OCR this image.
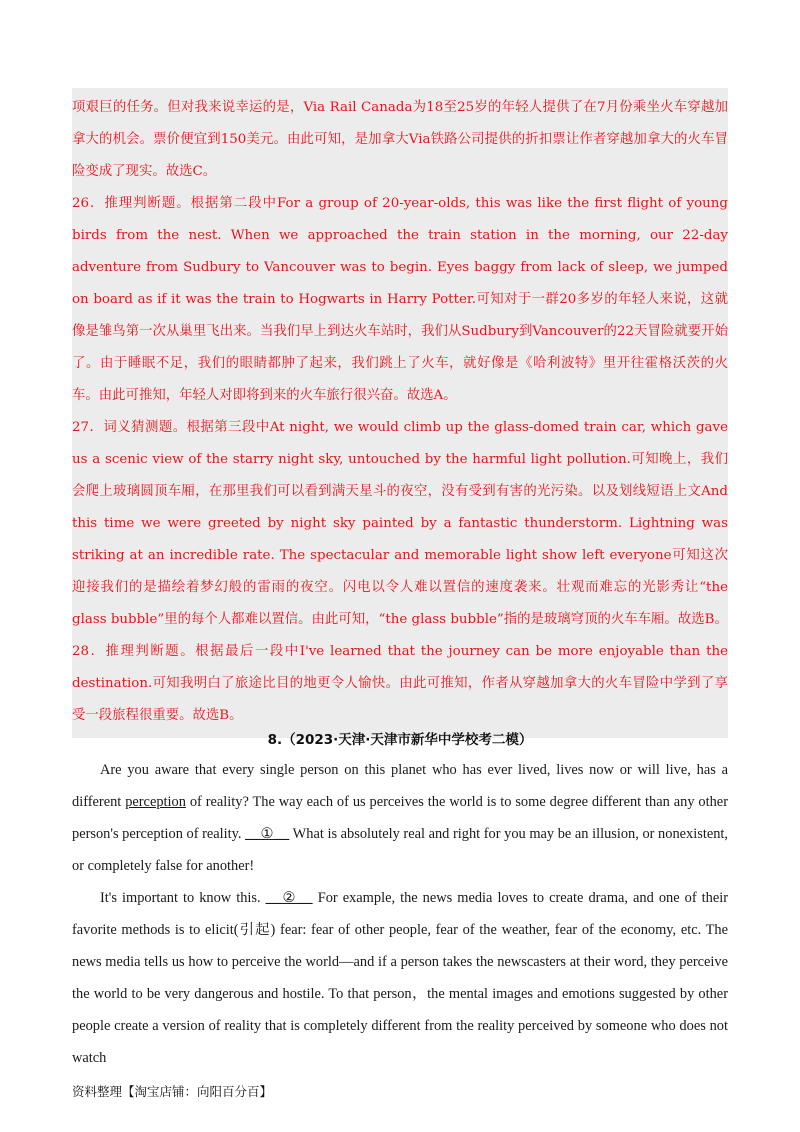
项艰巨的任务。但对我来说幸运的是，Via Rail Canada为18至25岁的年轻人提供了在7月份乘坐火车穿越加拿大的机会。票价便宜到150美元。由此可知，是加拿大Via铁路公司提供的折扣票让作者穿越加拿大的火车冒险变成了现实。故选C。

26．推理判断题。根据第二段中For a group of 20-year-olds, this was like the first flight of young birds from the nest. When we approached the train station in the morning, our 22-day adventure from Sudbury to Vancouver was to begin. Eyes baggy from lack of sleep, we jumped on board as if it was the train to Hogwarts in Harry Potter.可知对于一群20多岁的年轻人来说，这就像是雏鸟第一次从巢里飞出来。当我们早上到达火车站时，我们从Sudbury到Vancouver的22天冒险就要开始了。由于睡眠不足，我们的眼睛都肿了起来，我们跳上了火车，就好像是《哈利波特》里开往霍格沃茨的火车。由此可推知，年轻人对即将到来的火车旅行很兴奋。故选A。

27．词义猜测题。根据第三段中At night, we would climb up the glass-domed train car, which gave us a scenic view of the starry night sky, untouched by the harmful light pollution.可知晚上，我们会爬上玻璃圆顶车厢，在那里我们可以看到满天星斗的夜空，没有受到有害的光污染。以及划线短语上文And this time we were greeted by night sky painted by a fantastic thunderstorm. Lightning was striking at an incredible rate. The spectacular and memorable light show left everyone可知这次迎接我们的是描绘着梦幻般的雷雨的夜空。闪电以令人难以置信的速度袭来。壮观而难忘的光影秀让“the glass bubble”里的每个人都难以置信。由此可知，“the glass bubble”指的是玻璃穹顶的火车车厢。故选B。

28．推理判断题。根据最后一段中I've learned that the journey can be more enjoyable than the destination.可知我明白了旅途比目的地更令人愉快。由此可推知，作者从穿越加拿大的火车冒险中学到了享受一段旅程很重要。故选B。

8.（2023·天津·天津市新华中学校考二模）

Are you aware that every single person on this planet who has ever lived, lives now or will live, has a different perception of reality? The way each of us perceives the world is to some degree different than any other person's perception of reality. __①__ What is absolutely real and right for you may be an illusion, or nonexistent, or completely false for another!

It's important to know this. __②__ For example, the news media loves to create drama, and one of their favorite methods is to elicit(引起) fear: fear of other people, fear of the weather, fear of the economy, etc. The news media tells us how to perceive the world—and if a person takes the newscasters at their word, they perceive the world to be very dangerous and hostile. To that person，the mental images and emotions suggested by other people create a version of reality that is completely different from the reality perceived by someone who does not watch

资料整理【淘宝店铺：向阳百分百】
